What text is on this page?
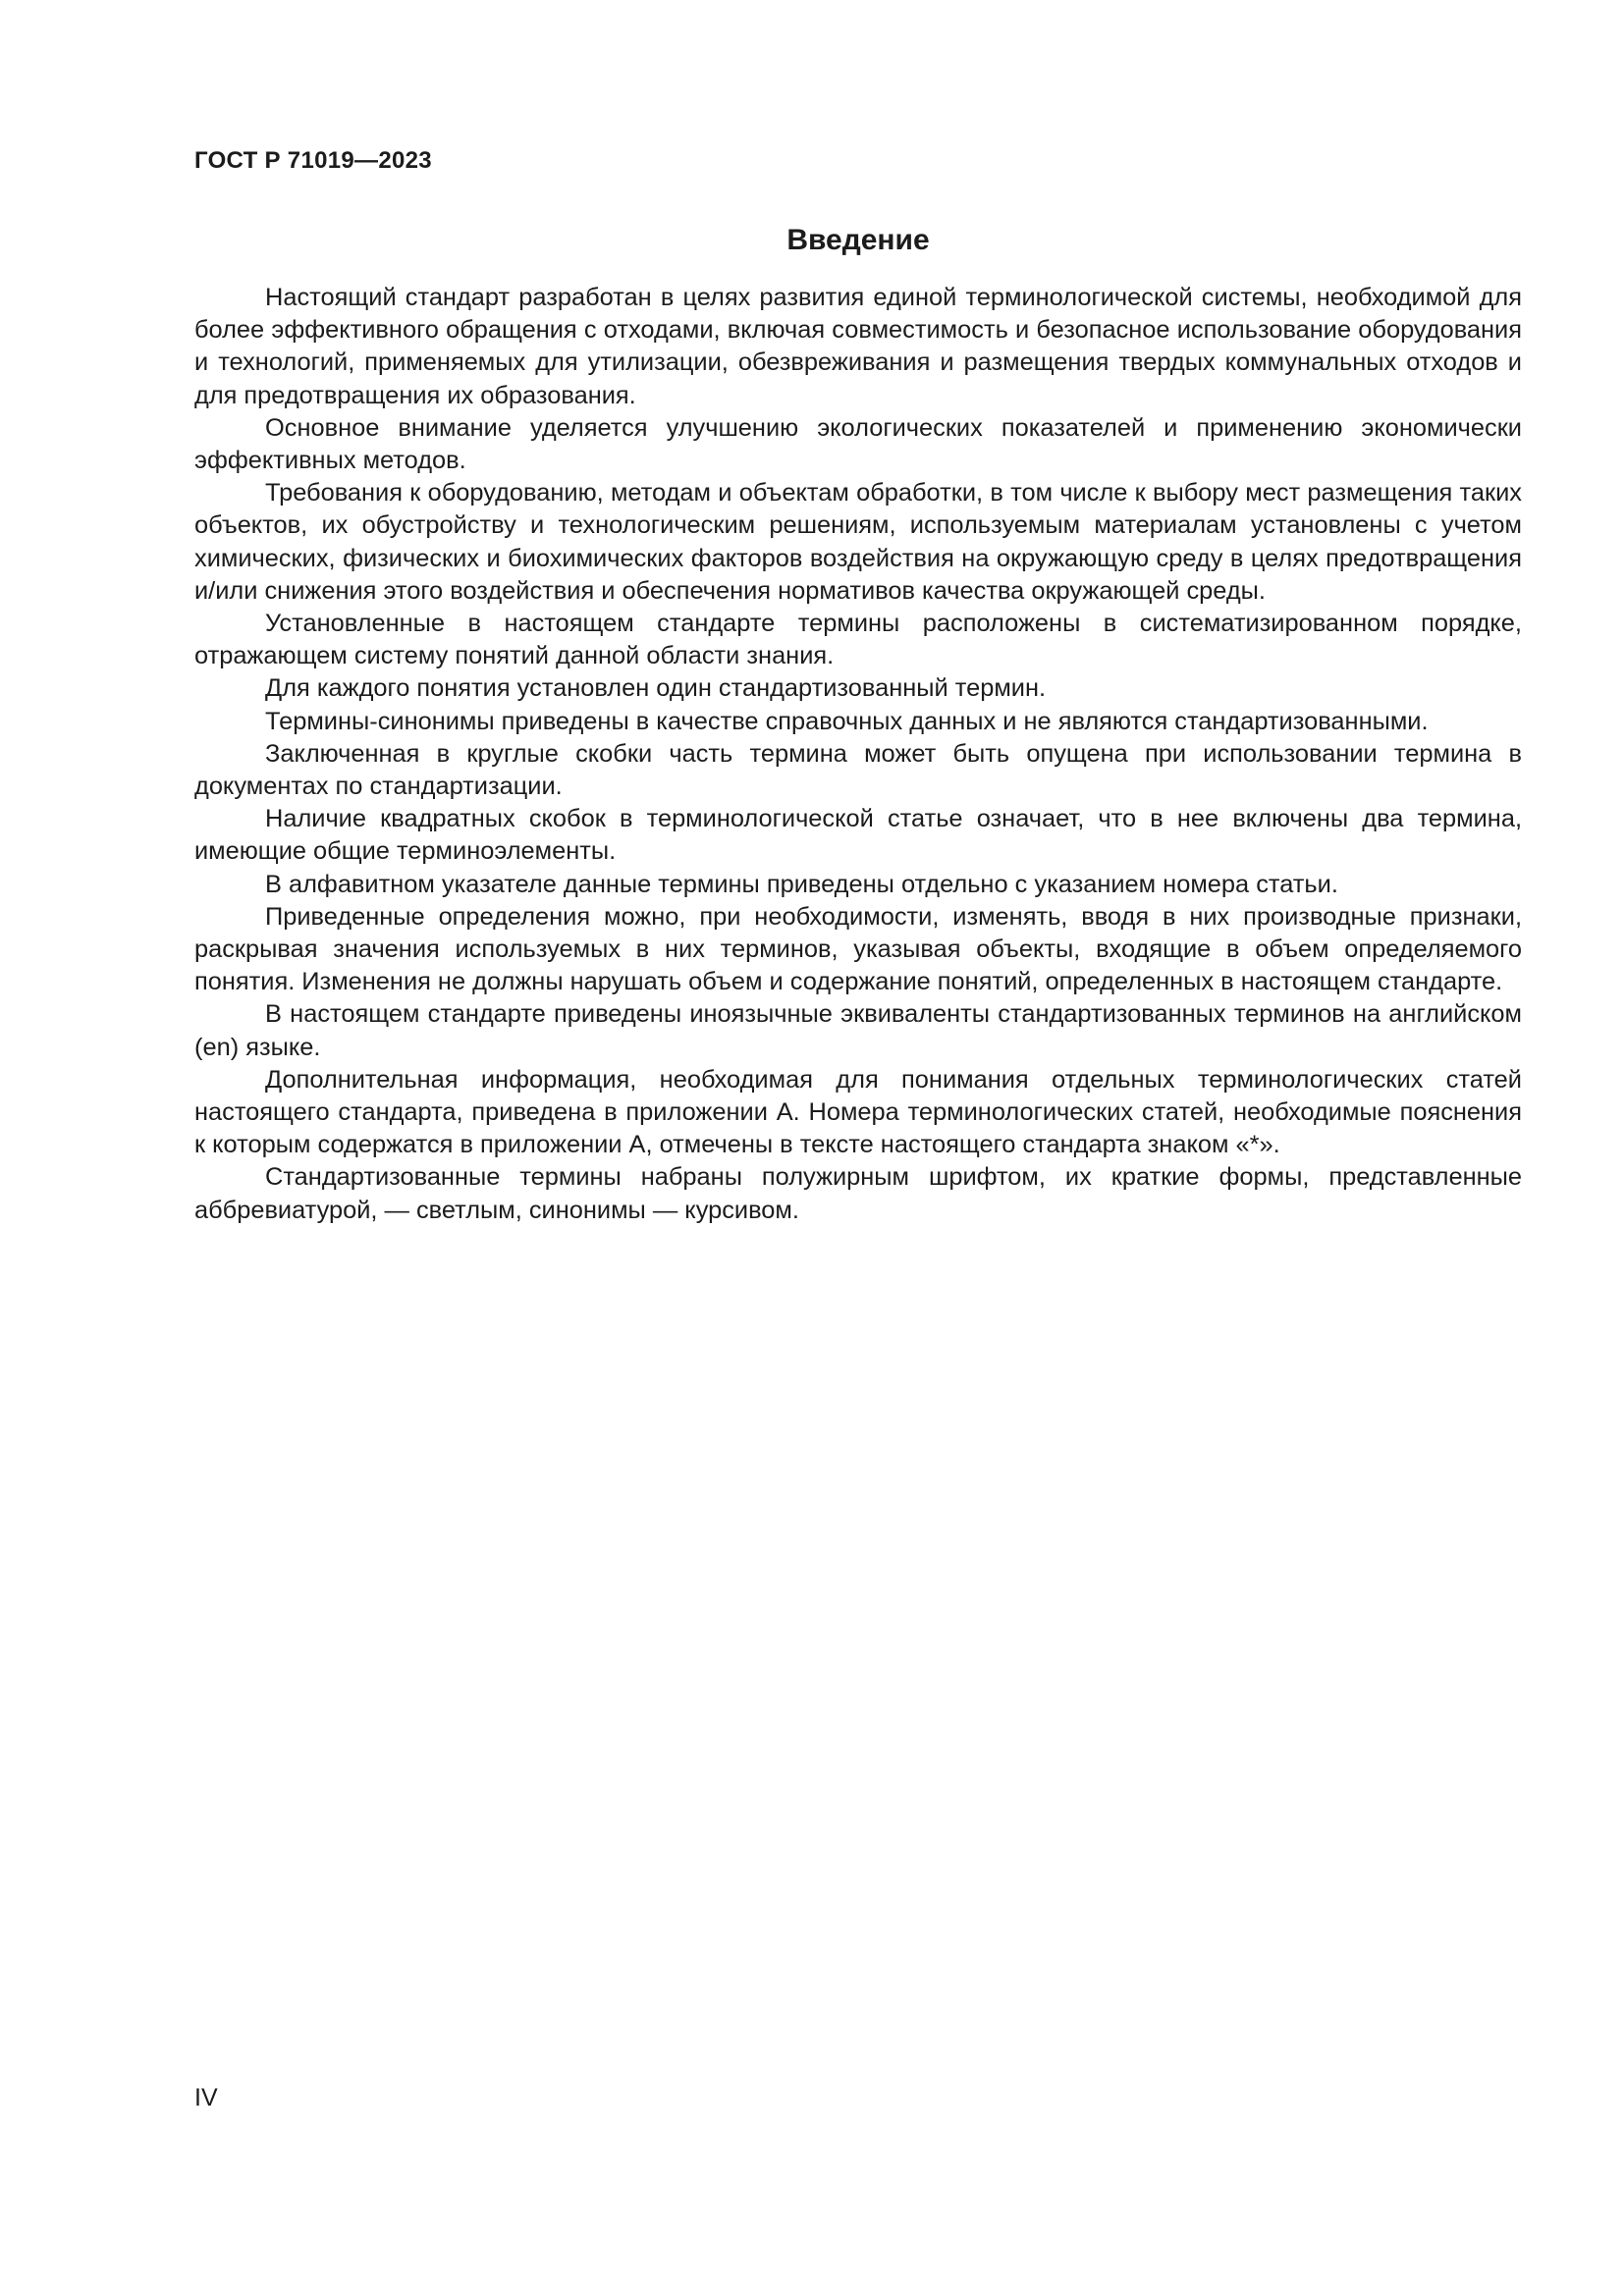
ГОСТ Р 71019—2023
Введение

Настоящий стандарт разработан в целях развития единой терминологической системы, необходимой для более эффективного обращения с отходами, включая совместимость и безопасное использование оборудования и технологий, применяемых для утилизации, обезвреживания и размещения твердых коммунальных отходов и для предотвращения их образования.

Основное внимание уделяется улучшению экологических показателей и применению экономически эффективных методов.

Требования к оборудованию, методам и объектам обработки, в том числе к выбору мест размещения таких объектов, их обустройству и технологическим решениям, используемым материалам установлены с учетом химических, физических и биохимических факторов воздействия на окружающую среду в целях предотвращения и/или снижения этого воздействия и обеспечения нормативов качества окружающей среды.

Установленные в настоящем стандарте термины расположены в систематизированном порядке, отражающем систему понятий данной области знания.

Для каждого понятия установлен один стандартизованный термин.

Термины-синонимы приведены в качестве справочных данных и не являются стандартизованными.

Заключенная в круглые скобки часть термина может быть опущена при использовании термина в документах по стандартизации.

Наличие квадратных скобок в терминологической статье означает, что в нее включены два термина, имеющие общие терминоэлементы.

В алфавитном указателе данные термины приведены отдельно с указанием номера статьи.

Приведенные определения можно, при необходимости, изменять, вводя в них производные признаки, раскрывая значения используемых в них терминов, указывая объекты, входящие в объем определяемого понятия. Изменения не должны нарушать объем и содержание понятий, определенных в настоящем стандарте.

В настоящем стандарте приведены иноязычные эквиваленты стандартизованных терминов на английском (en) языке.

Дополнительная информация, необходимая для понимания отдельных терминологических статей настоящего стандарта, приведена в приложении А. Номера терминологических статей, необходимые пояснения к которым содержатся в приложении А, отмечены в тексте настоящего стандарта знаком «*».

Стандартизованные термины набраны полужирным шрифтом, их краткие формы, представленные аббревиатурой, — светлым, синонимы — курсивом.

IV
